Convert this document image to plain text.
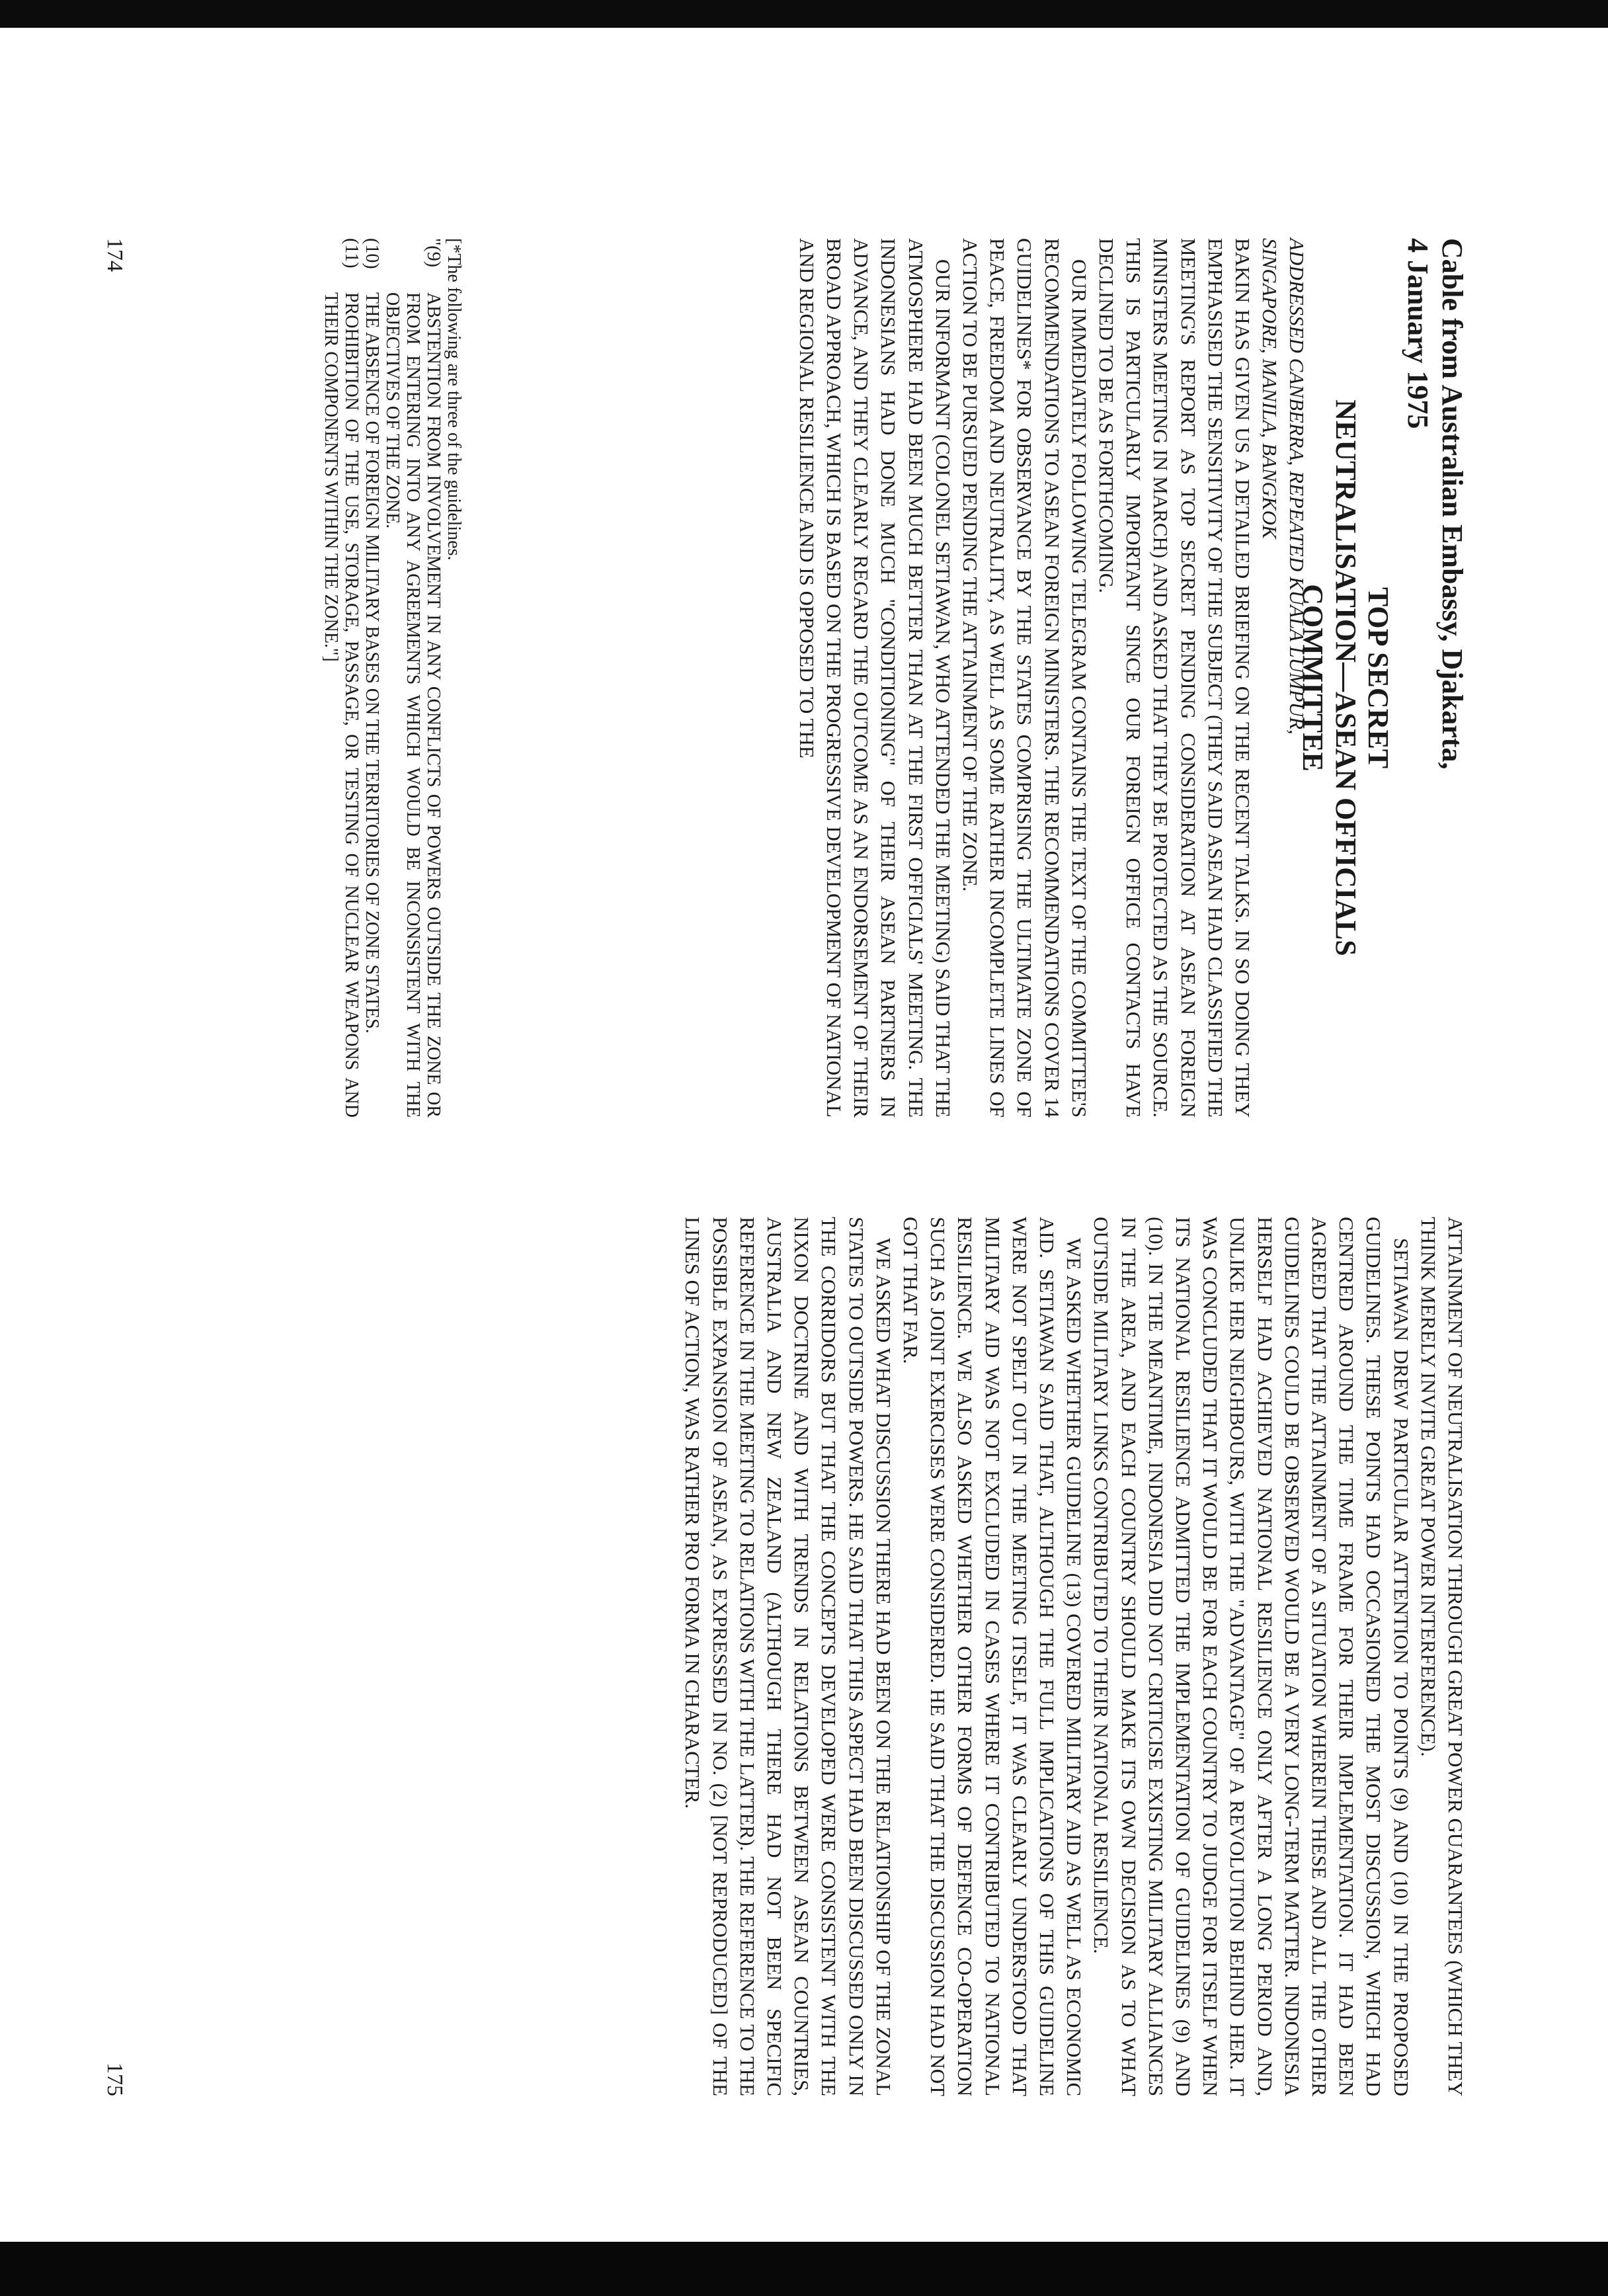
Cable from Australian Embassy, Djakarta,

4 January 1975

TOP SECRET

NEUTRALISATION—ASEAN OFFICIALS

COMMITTEE

ADDRESSED CANBERRA, REPEATED KUALA LUMPUR,

SINGAPORE, MANILA, BANGKOK

BAKIN HAS GIVEN US A DETAILED BRIEFING ON THE RECENT TALKS. IN SO DOING THEY EMPHASISED THE SENSITIVITY OF THE SUBJECT (THEY SAID ASEAN HAD CLASSIFIED THE MEETING'S REPORT AS TOP SECRET PENDING CONSIDERATION AT ASEAN FOREIGN MINISTERS MEETING IN MARCH) AND ASKED THAT THEY BE PROTECTED AS THE SOURCE. THIS IS PARTICULARLY IMPORTANT SINCE OUR FOREIGN OFFICE CONTACTS HAVE DECLINED TO BE AS FORTHCOMING.

OUR IMMEDIATELY FOLLOWING TELEGRAM CONTAINS THE TEXT OF THE COMMITTEE'S RECOMMENDATIONS TO ASEAN FOREIGN MINISTERS. THE RECOMMENDATIONS COVER 14 GUIDELINES* FOR OBSERVANCE BY THE STATES COMPRISING THE ULTIMATE ZONE OF PEACE, FREEDOM AND NEUTRALITY, AS WELL AS SOME RATHER INCOMPLETE LINES OF ACTION TO BE PURSUED PENDING THE ATTAINMENT OF THE ZONE.

OUR INFORMANT (COLONEL SETIAWAN, WHO ATTENDED THE MEETING) SAID THAT THE ATMOSPHERE HAD BEEN MUCH BETTER THAN AT THE FIRST OFFICIALS' MEETING. THE INDONESIANS HAD DONE MUCH "CONDITIONING" OF THEIR ASEAN PARTNERS IN ADVANCE, AND THEY CLEARLY REGARD THE OUTCOME AS AN ENDORSEMENT OF THEIR BROAD APPROACH, WHICH IS BASED ON THE PROGRESSIVE DEVELOPMENT OF NATIONAL AND REGIONAL RESILIENCE AND IS OPPOSED TO THE

[*The following are three of the guidelines.

"(9)
ABSTENTION FROM INVOLVEMENT IN ANY CONFLICTS OF POWERS OUTSIDE THE ZONE OR FROM ENTERING INTO ANY AGREEMENTS WHICH WOULD BE INCONSISTENT WITH THE OBJECTIVES OF THE ZONE.
(10)
THE ABSENCE OF FOREIGN MILITARY BASES ON THE TERRITORIES OF ZONE STATES.
(11)
PROHIBITION OF THE USE, STORAGE, PASSAGE, OR TESTING OF NUCLEAR WEAPONS AND THEIR COMPONENTS WITHIN THE ZONE."]
174

ATTAINMENT OF NEUTRALISATION THROUGH GREAT POWER GUARANTEES (WHICH THEY THINK MERELY INVITE GREAT POWER INTERFERENCE).

SETIAWAN DREW PARTICULAR ATTENTION TO POINTS (9) AND (10) IN THE PROPOSED GUIDELINES. THESE POINTS HAD OCCASIONED THE MOST DISCUSSION, WHICH HAD CENTRED AROUND THE TIME FRAME FOR THEIR IMPLEMENTATION. IT HAD BEEN AGREED THAT THE ATTAINMENT OF A SITUATION WHEREIN THESE AND ALL THE OTHER GUIDELINES COULD BE OBSERVED WOULD BE A VERY LONG-TERM MATTER. INDONESIA HERSELF HAD ACHIEVED NATIONAL RESILIENCE ONLY AFTER A LONG PERIOD AND, UNLIKE HER NEIGHBOURS, WITH THE "ADVANTAGE" OF A REVOLUTION BEHIND HER. IT WAS CONCLUDED THAT IT WOULD BE FOR EACH COUNTRY TO JUDGE FOR ITSELF WHEN ITS NATIONAL RESILIENCE ADMITTED THE IMPLEMENTATION OF GUIDELINES (9) AND (10). IN THE MEANTIME, INDONESIA DID NOT CRITICISE EXISTING MILITARY ALLIANCES IN THE AREA, AND EACH COUNTRY SHOULD MAKE ITS OWN DECISION AS TO WHAT OUTSIDE MILITARY LINKS CONTRIBUTED TO THEIR NATIONAL RESILIENCE.

WE ASKED WHETHER GUIDELINE (13) COVERED MILITARY AID AS WELL AS ECONOMIC AID. SETIAWAN SAID THAT, ALTHOUGH THE FULL IMPLICATIONS OF THIS GUIDELINE WERE NOT SPELT OUT IN THE MEETING ITSELF, IT WAS CLEARLY UNDERSTOOD THAT MILITARY AID WAS NOT EXCLUDED IN CASES WHERE IT CONTRIBUTED TO NATIONAL RESILIENCE. WE ALSO ASKED WHETHER OTHER FORMS OF DEFENCE CO-OPERATION SUCH AS JOINT EXERCISES WERE CONSIDERED. HE SAID THAT THE DISCUSSION HAD NOT GOT THAT FAR.

WE ASKED WHAT DISCUSSION THERE HAD BEEN ON THE RELATIONSHIP OF THE ZONAL STATES TO OUTSIDE POWERS. HE SAID THAT THIS ASPECT HAD BEEN DISCUSSED ONLY IN THE CORRIDORS BUT THAT THE CONCEPTS DEVELOPED WERE CONSISTENT WITH THE NIXON DOCTRINE AND WITH TRENDS IN RELATIONS BETWEEN ASEAN COUNTRIES, AUSTRALIA AND NEW ZEALAND (ALTHOUGH THERE HAD NOT BEEN SPECIFIC REFERENCE IN THE MEETING TO RELATIONS WITH THE LATTER). THE REFERENCE TO THE POSSIBLE EXPANSION OF ASEAN, AS EXPRESSED IN NO. (2) [NOT REPRODUCED] OF THE LINES OF ACTION, WAS RATHER PRO FORMA IN CHARACTER.

175
